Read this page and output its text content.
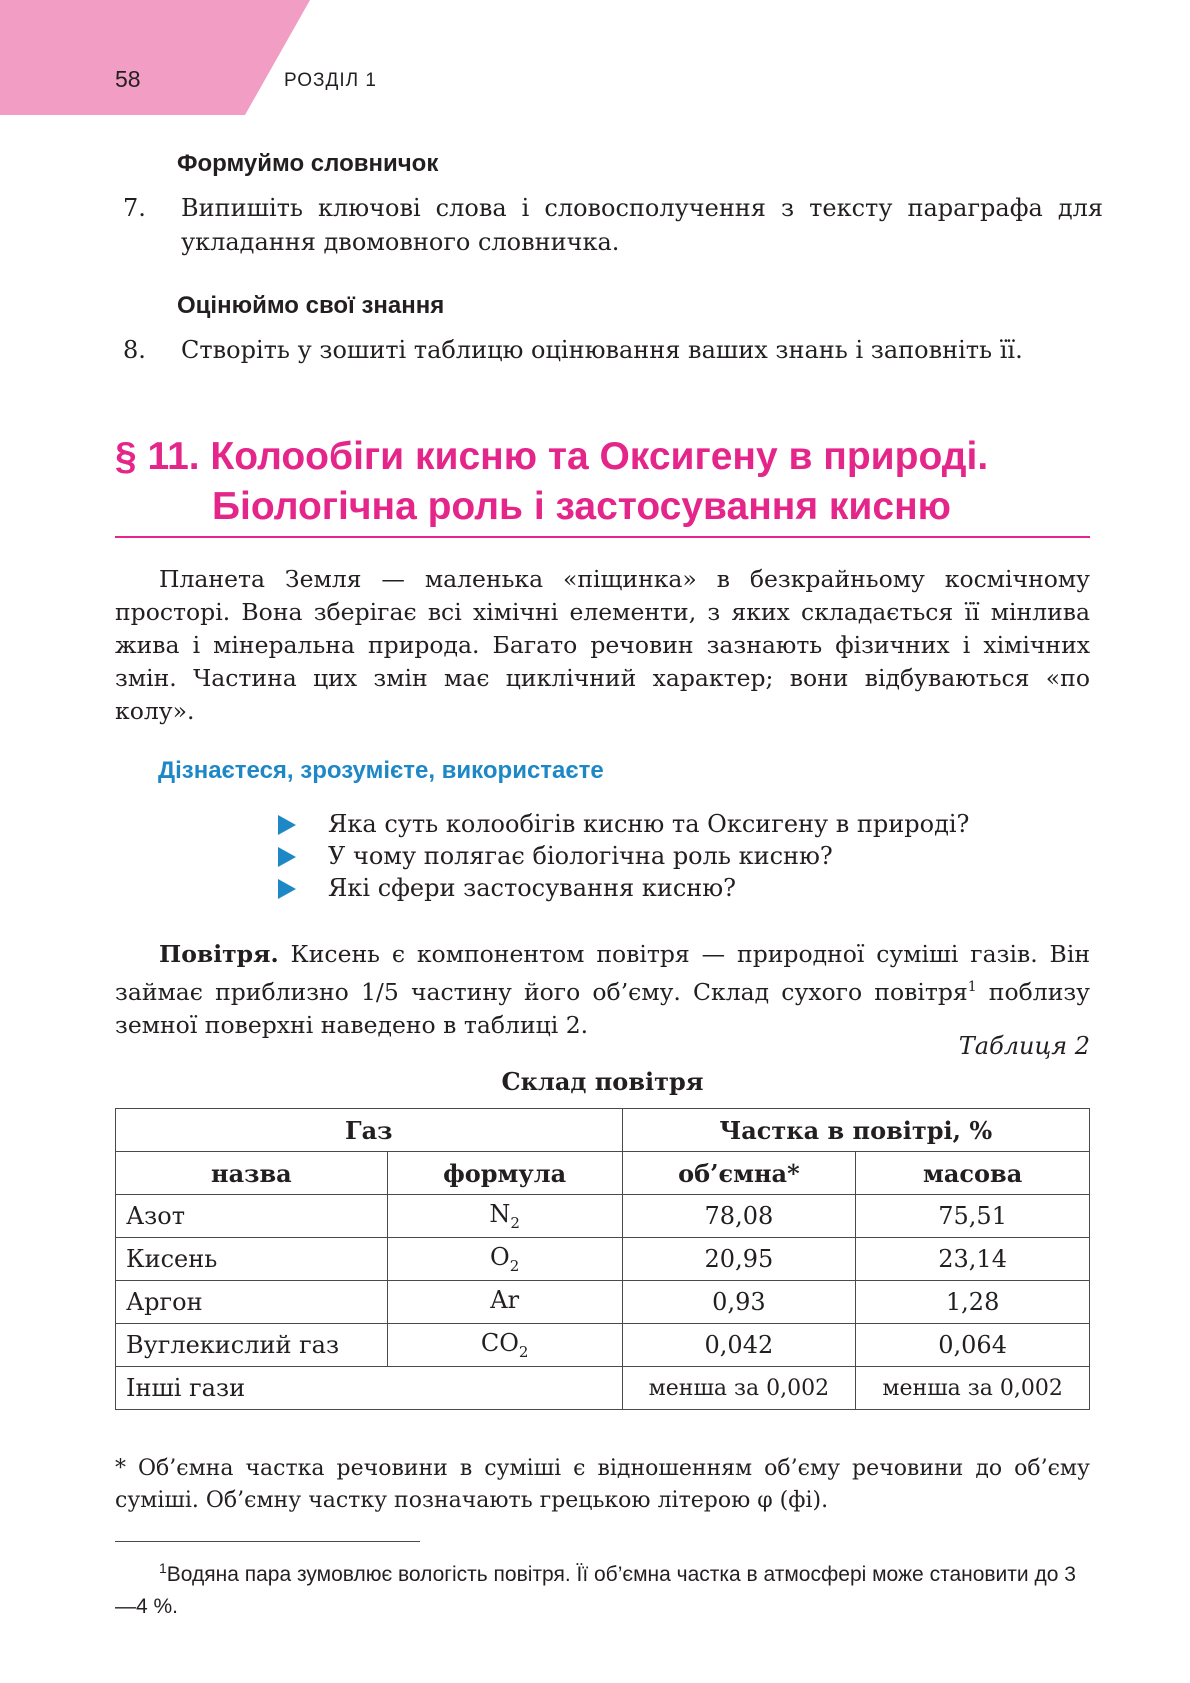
58	РОЗДІЛ 1
Формуймо словничок
7. Випишіть ключові слова і словосполучення з тексту параграфа для укладання двомовного словничка.
Оцінюймо свої знання
8. Створіть у зошиті таблицю оцінювання ваших знань і заповніть її.
§ 11. Колообіги кисню та Оксигену в природі.
Біологічна роль і застосування кисню
Планета Земля — маленька «піщинка» в безкрайньому космічному просторі. Вона зберігає всі хімічні елементи, з яких складається її мінлива жива і мінеральна природа. Багато речовин зазнають фізичних і хімічних змін. Частина цих змін має циклічний характер; вони відбуваються «по колу».
Дізнаєтеся, зрозумієте, використаєте
Яка суть колообігів кисню та Оксигену в природі?
У чому полягає біологічна роль кисню?
Які сфери застосування кисню?
Повітря. Кисень є компонентом повітря — природної суміші газів. Він займає приблизно 1/5 частину його об’єму. Склад сухого повітря$^1$ поблизу земної поверхні наведено в таблиці 2.
Таблиця 2
Склад повітря
Газ		Частка в повітрі, %	
назва	формула	об’ємна*	масова
Азот	$N_2$	78,08	75,51
Кисень	$O_2$	20,95	23,14
Аргон	Ar	0,93	1,28
Вуглекислий газ	$CO_2$	0,042	0,064
Інші гази		менша за 0,002	менша за 0,002
* Об’ємна частка речовини в суміші є відношенням об’єму речовини до об’єму суміші. Об’ємну частку позначають грецькою літерою φ (фі).
$^1$Водяна пара зумовлює вологість повітря. Її об’ємна частка в атмосфері може становити до 3—4 %.
